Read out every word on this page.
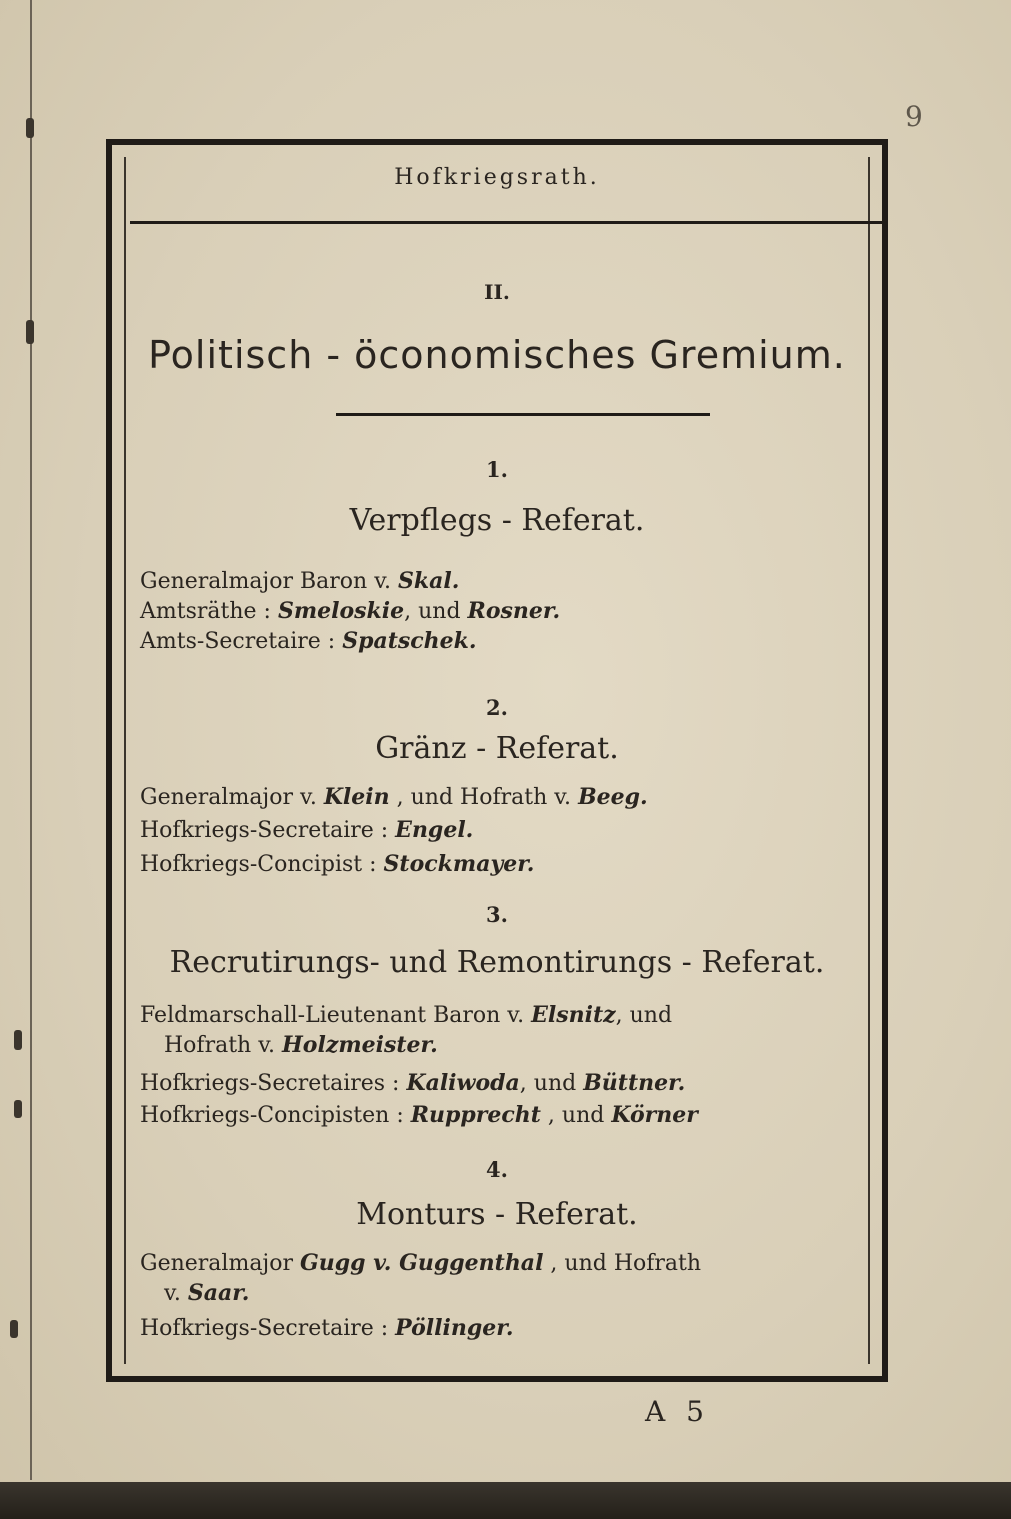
9
Hofkriegsrath.
II.
Politisch - öconomisches Gremium.
1.
Verpflegs - Referat.
Generalmajor Baron v. Skal.
Amtsräthe : Smeloskie, und Rosner.
Amts-Secretaire : Spatschek.
2.
Gränz - Referat.
Generalmajor v. Klein , und Hofrath v. Beeg.
Hofkriegs-Secretaire : Engel.
Hofkriegs-Concipist : Stockmayer.
3.
Recrutirungs- und Remontirungs - Referat.
Feldmarschall-Lieutenant Baron v. Elsnitz, und
Hofrath v. Holzmeister.
Hofkriegs-Secretaires : Kaliwoda, und Büttner.
Hofkriegs-Concipisten : Rupprecht , und Körner
4.
Monturs - Referat.
Generalmajor Gugg v. Guggenthal , und Hofrath
v. Saar.
Hofkriegs-Secretaire : Pöllinger.
A 5
